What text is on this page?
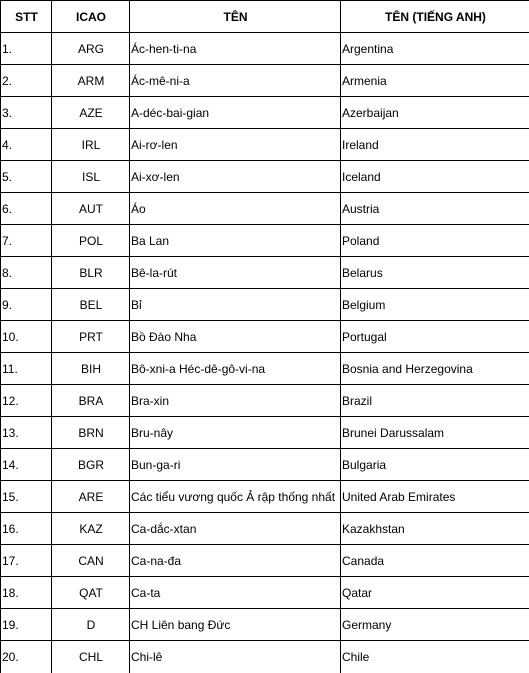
STT	ICAO	TÊN	TÊN (TIẾNG ANH)
1.	ARG	Ác-hen-ti-na	Argentina
2.	ARM	Ác-mê-ni-a	Armenia
3.	AZE	A-déc-bai-gian	Azerbaijan
4.	IRL	Ai-rơ-len	Ireland
5.	ISL	Ai-xơ-len	Iceland
6.	AUT	Áo	Austria
7.	POL	Ba Lan	Poland
8.	BLR	Bê-la-rút	Belarus
9.	BEL	Bỉ	Belgium
10.	PRT	Bồ Đào Nha	Portugal
11.	BIH	Bô-xni-a Héc-dê-gô-vi-na	Bosnia and Herzegovina
12.	BRA	Bra-xin	Brazil
13.	BRN	Bru-nây	Brunei Darussalam
14.	BGR	Bun-ga-ri	Bulgaria
15.	ARE	Các tiểu vương quốc Ả rập thống nhất	United Arab Emirates
16.	KAZ	Ca-dắc-xtan	Kazakhstan
17.	CAN	Ca-na-đa	Canada
18.	QAT	Ca-ta	Qatar
19.	D	CH Liên bang Đức	Germany
20.	CHL	Chi-lê	Chile
